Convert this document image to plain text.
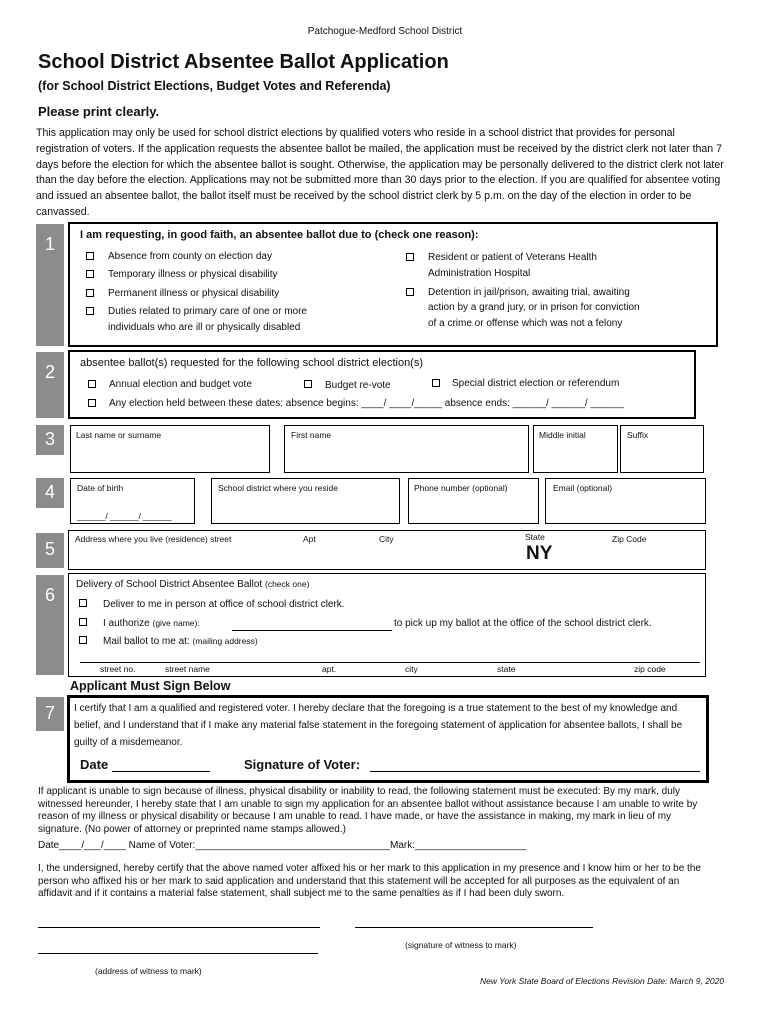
Patchogue-Medford School District
School District Absentee Ballot Application
(for School District Elections, Budget Votes and Referenda)
Please print clearly.
This application may only be used for school district elections by qualified voters who reside in a school district that provides for personal registration of voters. If the application requests the absentee ballot be mailed, the application must be received by the district clerk not later than 7 days before the election for which the absentee ballot is sought. Otherwise, the application may be personally delivered to the district clerk not later than the day before the election. Applications may not be submitted more than 30 days prior to the election. If you are qualified for absentee voting and issued an absentee ballot, the ballot itself must be received by the school district clerk by 5 p.m. on the day of the election in order to be canvassed.
1	I am requesting, in good faith, an absentee ballot due to (check one reason):
Absence from county on election day
Temporary illness or physical disability
Permanent illness or physical disability
Duties related to primary care of one or more
individuals who are ill or physically disabled
Resident or patient of Veterans Health
Administration Hospital
Detention in jail/prison, awaiting trial, awaiting
action by a grand jury, or in prison for conviction
of a crime or offense which was not a felony
2	absentee ballot(s) requested for the following school district election(s)
Annual election and budget vote	Budget re-vote	Special district election or referendum
Any election held between these dates: absence begins: ____/ ____/_____ absence ends: ______/ ______/ ______
3	Last name or surname	First name	Middle initial	Suffix
4	Date of birth
______/ ______/ ______
School district where you reside	Phone number (optional)	Email (optional)
5	Address where you live (residence) street	Apt	City	State
NY
Zip Code
6
Delivery of School District Absentee Ballot (check one)
Deliver to me in person at office of school district clerk.
I authorize (give name):	to pick up my ballot at the office of the school district clerk.
Mail ballot to me at: (mailing address)
street no.	street name	apt.	city	state	zip code
Applicant Must Sign Below
7	I certify that I am a qualified and registered voter. I hereby declare that the foregoing is a true statement to the best of my knowledge and belief, and I understand that if I make any material false statement in the foregoing statement of application for absentee ballots, I shall be guilty of a misdemeanor.
Date	Signature of Voter:
If applicant is unable to sign because of illness, physical disability or inability to read, the following statement must be executed: By my mark, duly witnessed hereunder, I hereby state that I am unable to sign my application for an absentee ballot without assistance because I am unable to write by reason of my illness or physical disability or because I am unable to read. I have made, or have the assistance in making, my mark in lieu of my signature. (No power of attorney or preprinted name stamps allowed.)
Date____/___/____ Name of Voter:___________________________________Mark:____________________
I, the undersigned, hereby certify that the above named voter affixed his or her mark to this application in my presence and I know him or her to be the person who affixed his or her mark to said application and understand that this statement will be accepted for all purposes as the equivalent of an affidavit and if it contains a material false statement, shall subject me to the same penalties as if I had been duly sworn.
(signature of witness to mark)
(address of witness to mark)
New York State Board of Elections Revision Date: March 9, 2020
